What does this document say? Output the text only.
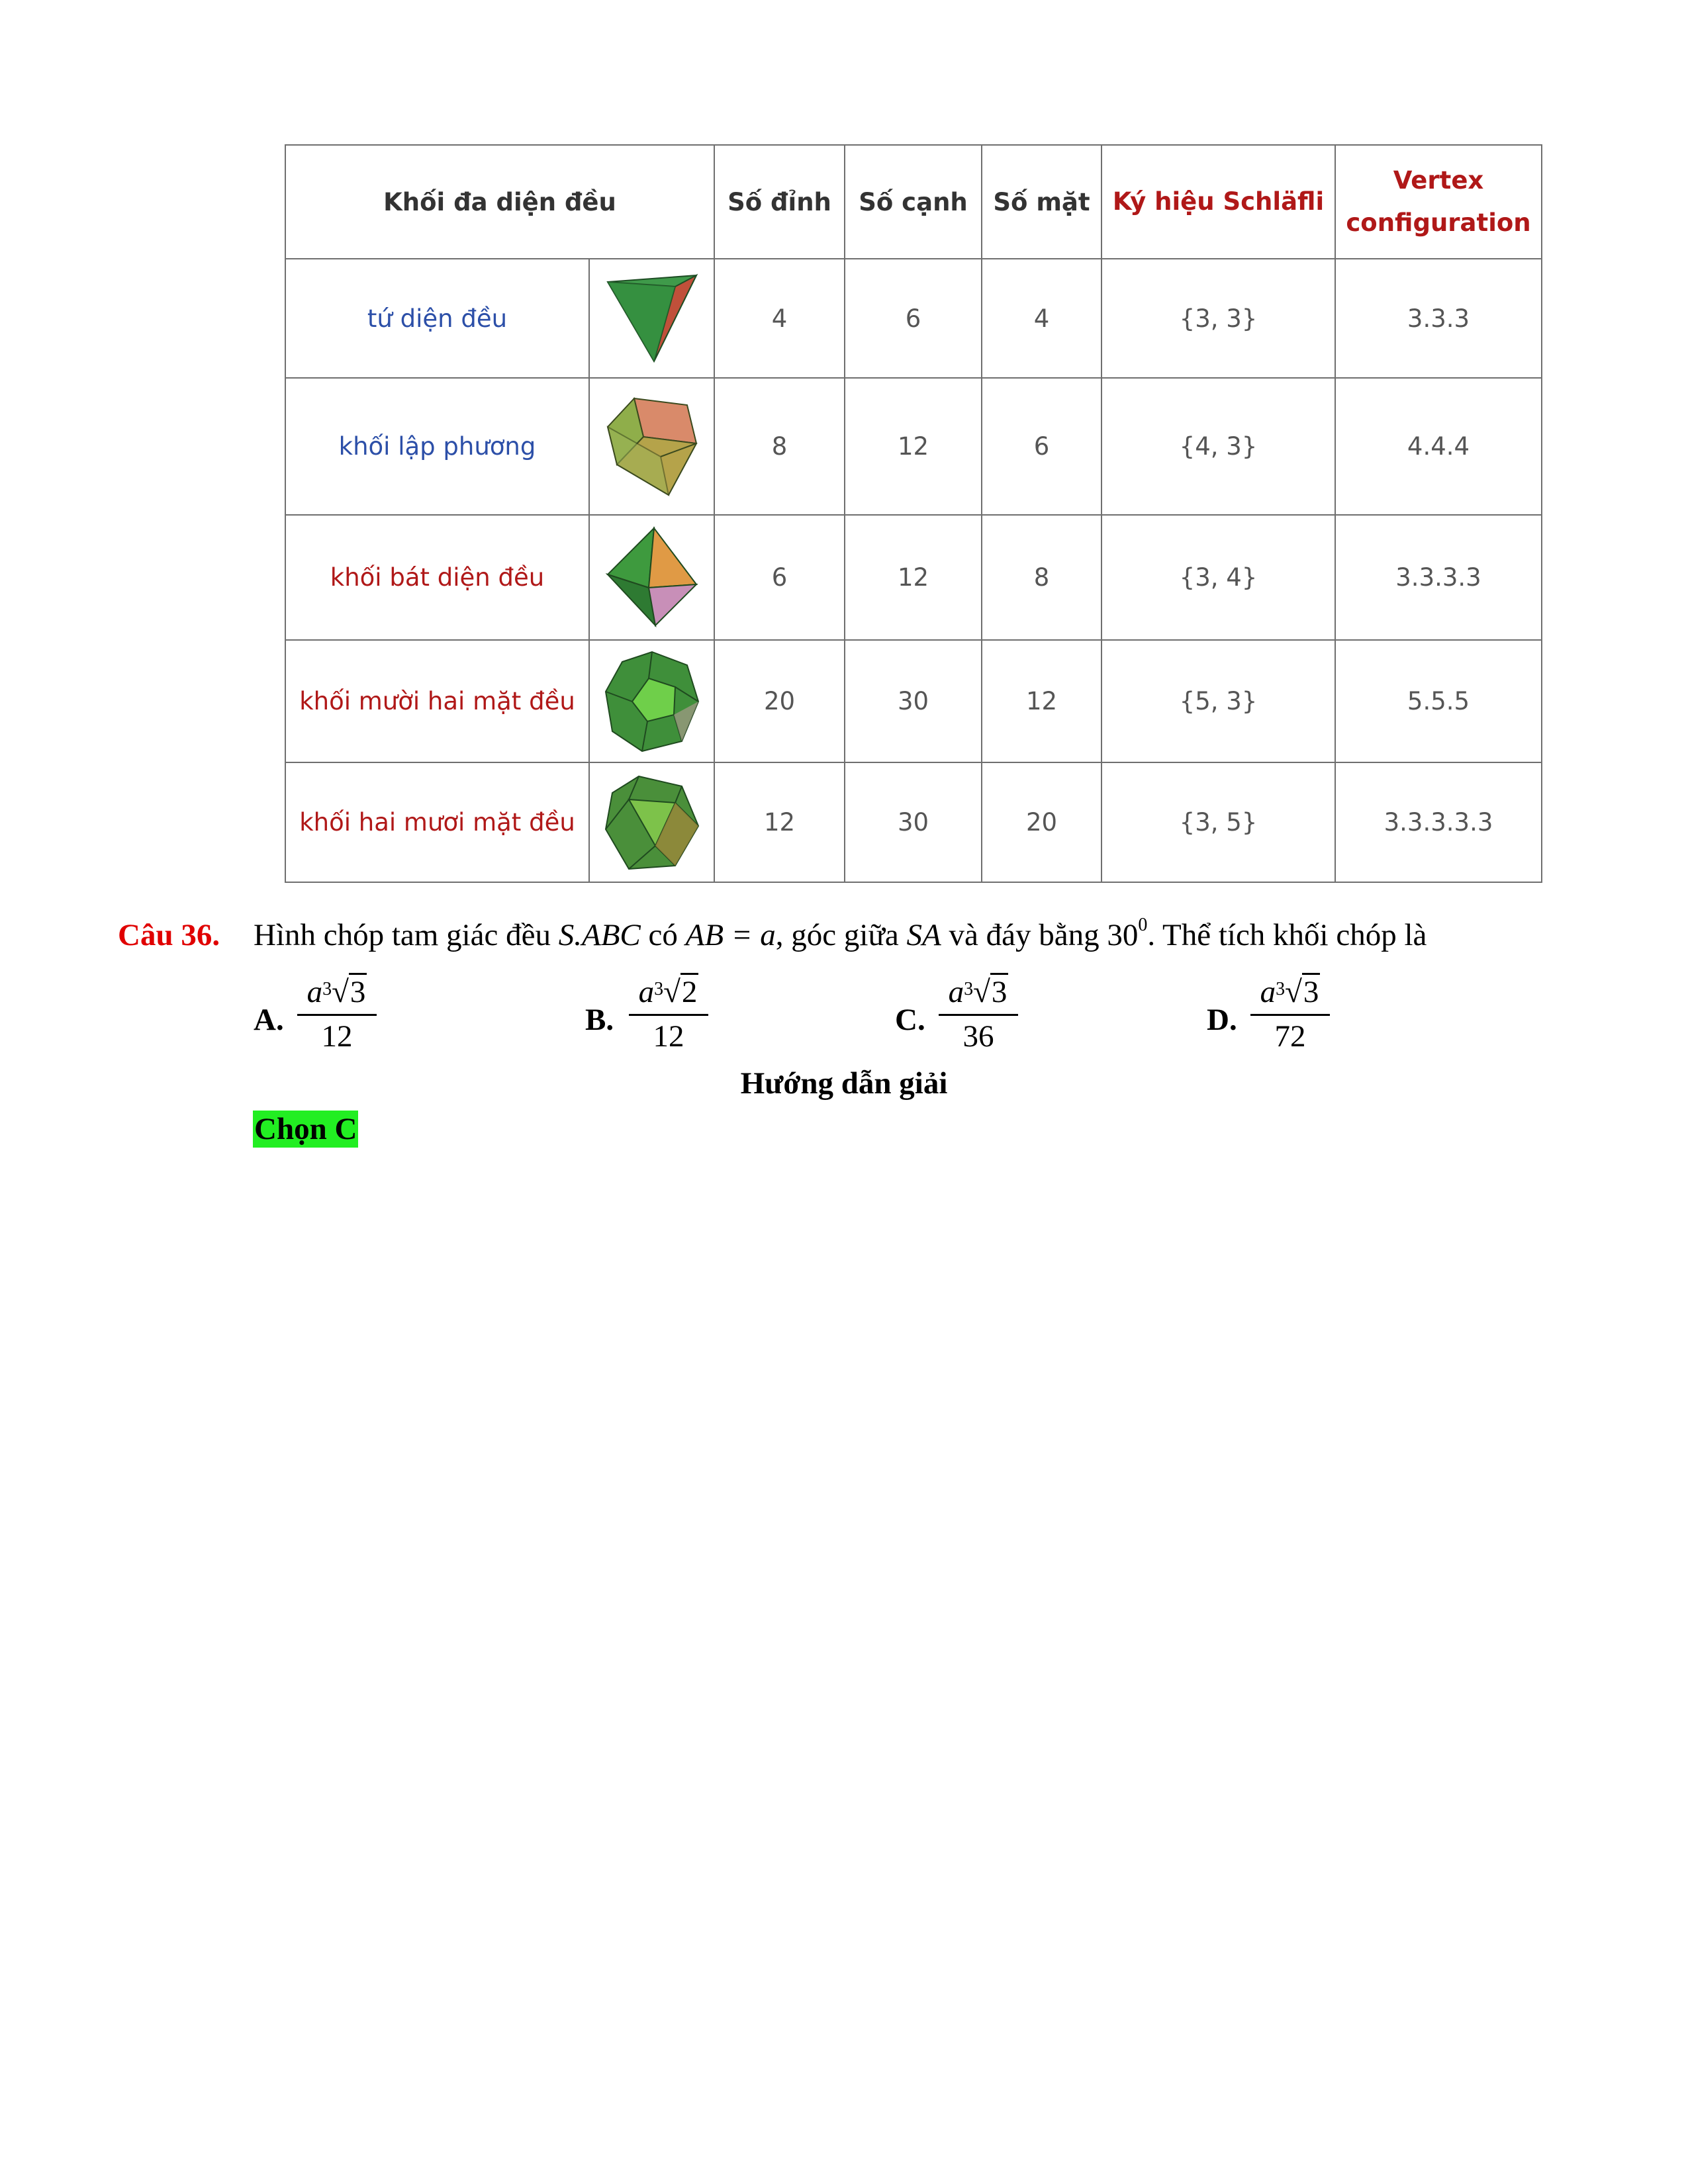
Khối đa diện đều		Số đỉnh	Số cạnh	Số mặt	Ký hiệu Schläfli	Vertex
configuration
tứ diện đều		4	6	4	{3, 3}	3.3.3
khối lập phương		8	12	6	{4, 3}	4.4.4
khối bát diện đều		6	12	8	{3, 4}	3.3.3.3
khối mười hai mặt đều		20	30	12	{5, 3}	5.5.5
khối hai mươi mặt đều		12	30	20	{3, 5}	3.3.3.3.3
Câu 36. Hình chóp tam giác đều S.ABC có AB = a, góc giữa SA và đáy bằng $30^0$. Thể tích khối chóp là
A.
$a^3√3$
12	B.
$a^3√2$
12	C.
$a^3√3$
36	D.
$a^3√3$
72
Hướng dẫn giải
Chọn C
